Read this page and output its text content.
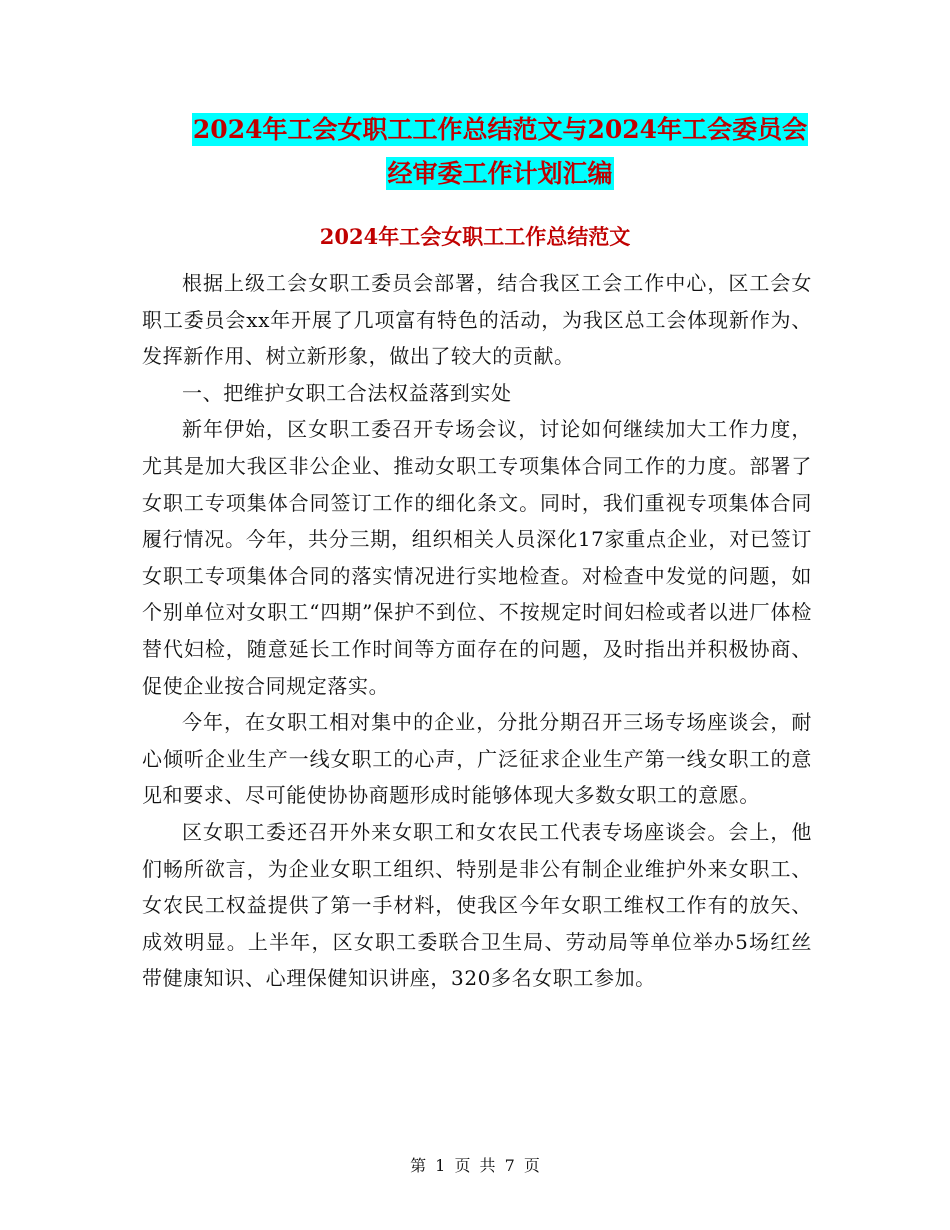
2024年工会女职工工作总结范文与2024年工会委员会
经审委工作计划汇编
2024年工会女职工工作总结范文

根据上级工会女职工委员会部署，结合我区工会工作中心，区工会女职工委员会xx年开展了几项富有特色的活动，为我区总工会体现新作为、发挥新作用、树立新形象，做出了较大的贡献。

一、把维护女职工合法权益落到实处

新年伊始，区女职工委召开专场会议，讨论如何继续加大工作力度，尤其是加大我区非公企业、推动女职工专项集体合同工作的力度。部署了女职工专项集体合同签订工作的细化条文。同时，我们重视专项集体合同履行情况。今年，共分三期，组织相关人员深化17家重点企业，对已签订女职工专项集体合同的落实情况进行实地检查。对检查中发觉的问题，如个别单位对女职工“四期”保护不到位、不按规定时间妇检或者以进厂体检替代妇检，随意延长工作时间等方面存在的问题，及时指出并积极协商、促使企业按合同规定落实。

今年，在女职工相对集中的企业，分批分期召开三场专场座谈会，耐心倾听企业生产一线女职工的心声，广泛征求企业生产第一线女职工的意见和要求、尽可能使协协商题形成时能够体现大多数女职工的意愿。

区女职工委还召开外来女职工和女农民工代表专场座谈会。会上，他们畅所欲言，为企业女职工组织、特别是非公有制企业维护外来女职工、女农民工权益提供了第一手材料，使我区今年女职工维权工作有的放矢、成效明显。上半年，区女职工委联合卫生局、劳动局等单位举办5场红丝带健康知识、心理保健知识讲座，320多名女职工参加。

第 1 页 共 7 页
